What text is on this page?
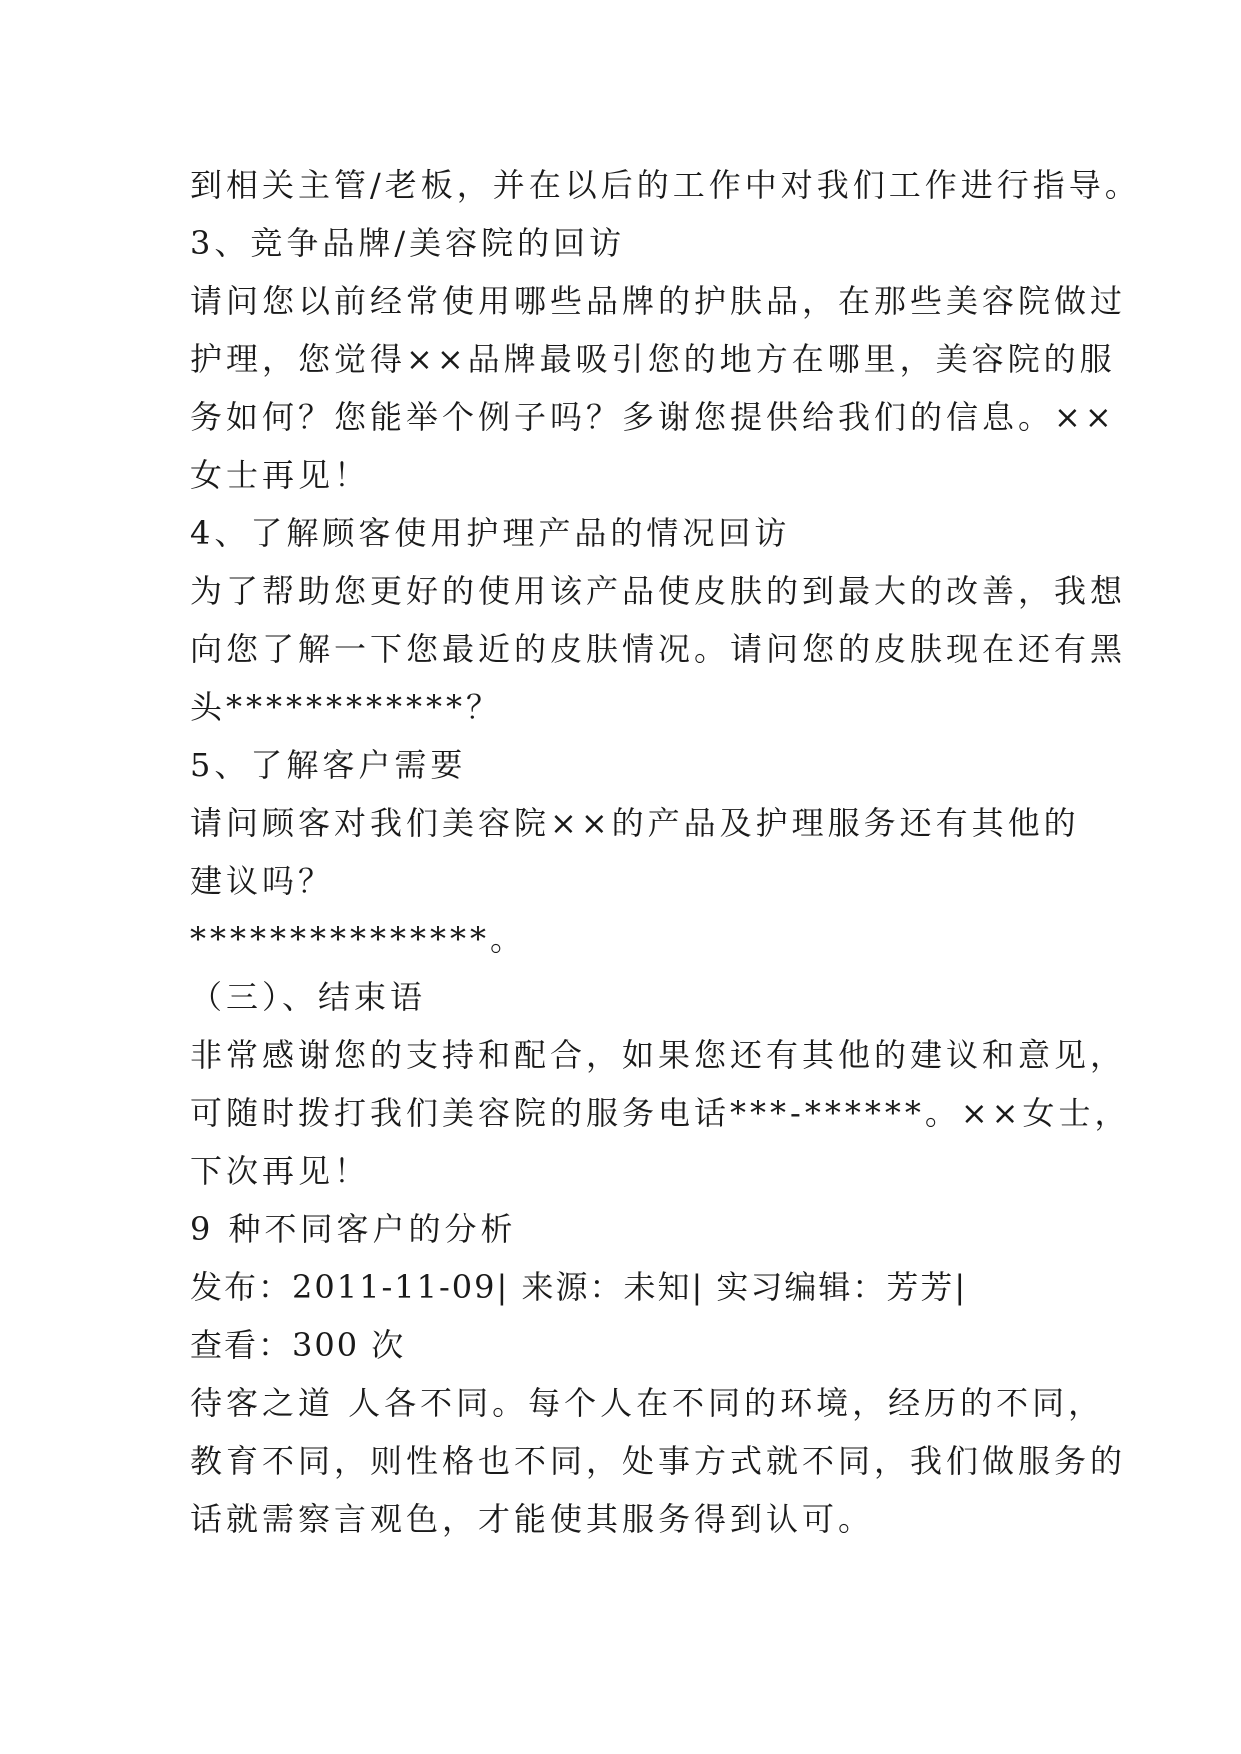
到相关主管/老板，并在以后的工作中对我们工作进行指导。
3、竞争品牌/美容院的回访
请问您以前经常使用哪些品牌的护肤品，在那些美容院做过
护理，您觉得××品牌最吸引您的地方在哪里，美容院的服
务如何？您能举个例子吗？多谢您提供给我们的信息。××
女士再见！
4、了解顾客使用护理产品的情况回访
为了帮助您更好的使用该产品使皮肤的到最大的改善，我想
向您了解一下您最近的皮肤情况。请问您的皮肤现在还有黑
头************？
5、了解客户需要
请问顾客对我们美容院××的产品及护理服务还有其他的
建议吗？
***************。
（三）、结束语
非常感谢您的支持和配合，如果您还有其他的建议和意见，
可随时拨打我们美容院的服务电话***-******。××女士，
下次再见！
9 种不同客户的分析
发布：2011-11-09| 来源：未知| 实习编辑：芳芳|
查看：300 次
待客之道 人各不同。每个人在不同的环境，经历的不同，
教育不同，则性格也不同，处事方式就不同，我们做服务的
话就需察言观色，才能使其服务得到认可。
